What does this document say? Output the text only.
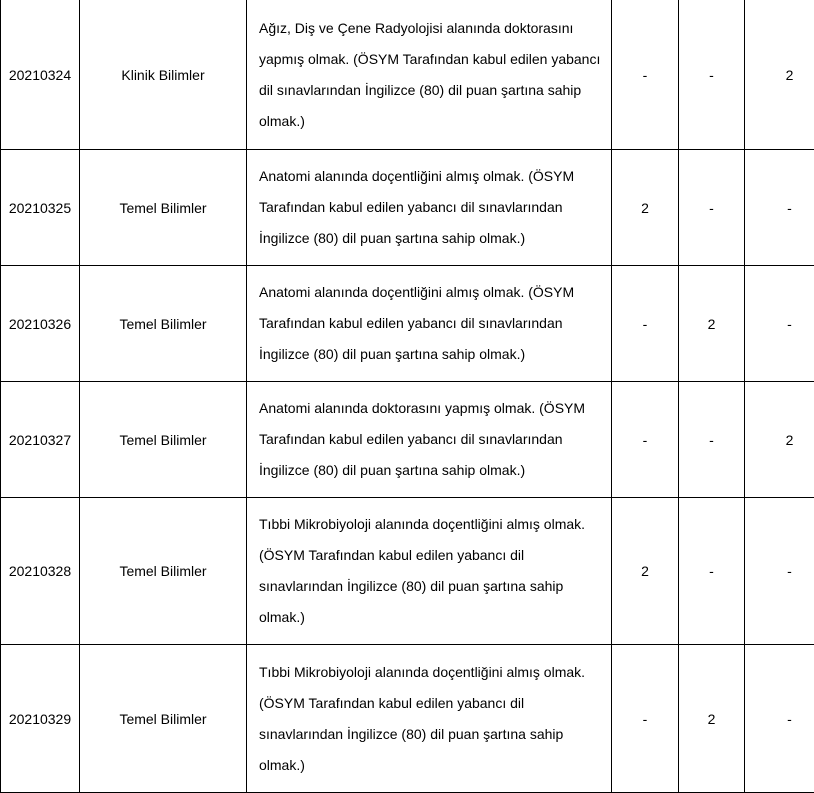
20210324	Klinik Bilimler	Ağız, Diş ve Çene Radyolojisi alanında doktorasını yapmış olmak. (ÖSYM Tarafından kabul edilen yabancı dil sınavlarından İngilizce (80) dil puan şartına sahip olmak.)	-	-	2
20210325	Temel Bilimler	Anatomi alanında doçentliğini almış olmak. (ÖSYM Tarafından kabul edilen yabancı dil sınavlarından İngilizce (80) dil puan şartına sahip olmak.)	2	-	-
20210326	Temel Bilimler	Anatomi alanında doçentliğini almış olmak. (ÖSYM Tarafından kabul edilen yabancı dil sınavlarından İngilizce (80) dil puan şartına sahip olmak.)	-	2	-
20210327	Temel Bilimler	Anatomi alanında doktorasını yapmış olmak. (ÖSYM Tarafından kabul edilen yabancı dil sınavlarından İngilizce (80) dil puan şartına sahip olmak.)	-	-	2
20210328	Temel Bilimler	Tıbbi Mikrobiyoloji alanında doçentliğini almış olmak. (ÖSYM Tarafından kabul edilen yabancı dil sınavlarından İngilizce (80) dil puan şartına sahip olmak.)	2	-	-
20210329	Temel Bilimler	Tıbbi Mikrobiyoloji alanında doçentliğini almış olmak. (ÖSYM Tarafından kabul edilen yabancı dil sınavlarından İngilizce (80) dil puan şartına sahip olmak.)	-	2	-
